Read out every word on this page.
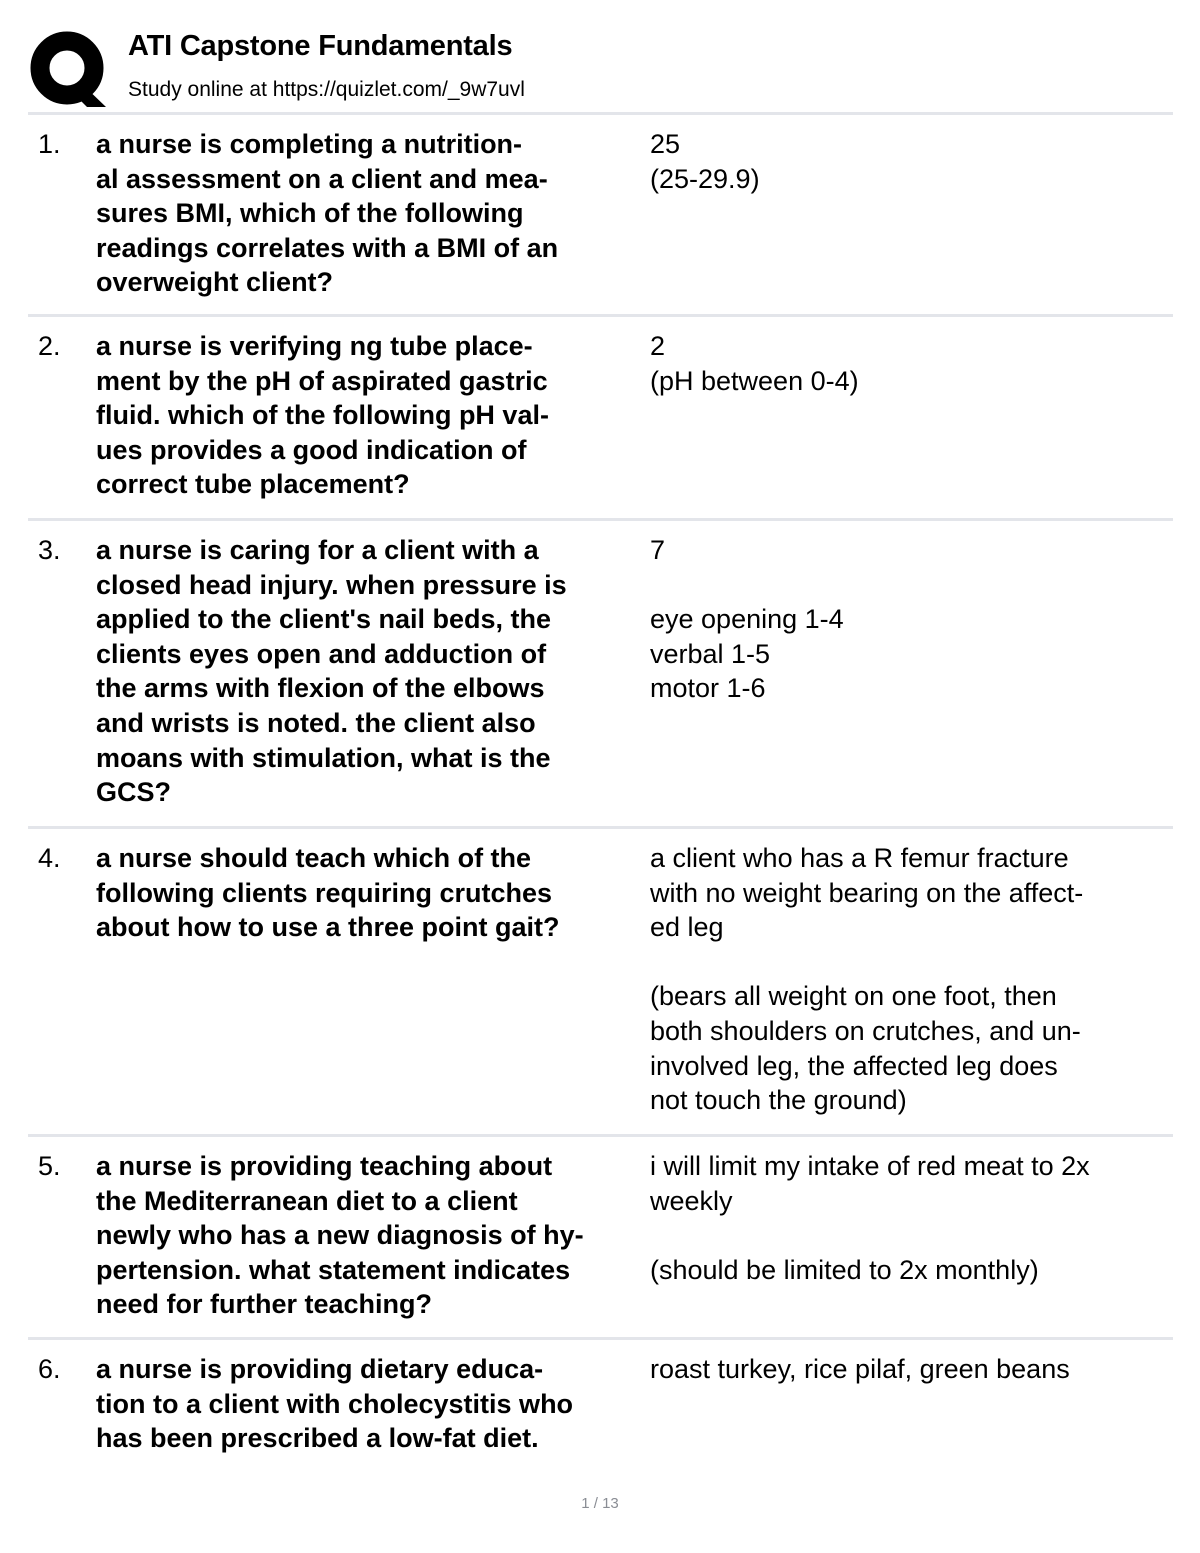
ATI Capstone Fundamentals
Study online at https://quizlet.com/_9w7uvl
1. a nurse is completing a nutrition-
al assessment on a client and mea-
sures BMI, which of the following
readings correlates with a BMI of an
overweight client?
25
(25-29.9)
2. a nurse is verifying ng tube place-
ment by the pH of aspirated gastric
fluid. which of the following pH val-
ues provides a good indication of
correct tube placement?
2
(pH between 0-4)
3. a nurse is caring for a client with a
closed head injury. when pressure is
applied to the client's nail beds, the
clients eyes open and adduction of
the arms with flexion of the elbows
and wrists is noted. the client also
moans with stimulation, what is the
GCS?
7

eye opening 1-4
verbal 1-5
motor 1-6
4. a nurse should teach which of the
following clients requiring crutches
about how to use a three point gait?
a client who has a R femur fracture
with no weight bearing on the affect-
ed leg

(bears all weight on one foot, then
both shoulders on crutches, and un-
involved leg, the affected leg does
not touch the ground)
5. a nurse is providing teaching about
the Mediterranean diet to a client
newly who has a new diagnosis of hy-
pertension. what statement indicates
need for further teaching?
i will limit my intake of red meat to 2x
weekly

(should be limited to 2x monthly)
6. a nurse is providing dietary educa-
tion to a client with cholecystitis who
has been prescribed a low-fat diet.
roast turkey, rice pilaf, green beans
1 / 13
